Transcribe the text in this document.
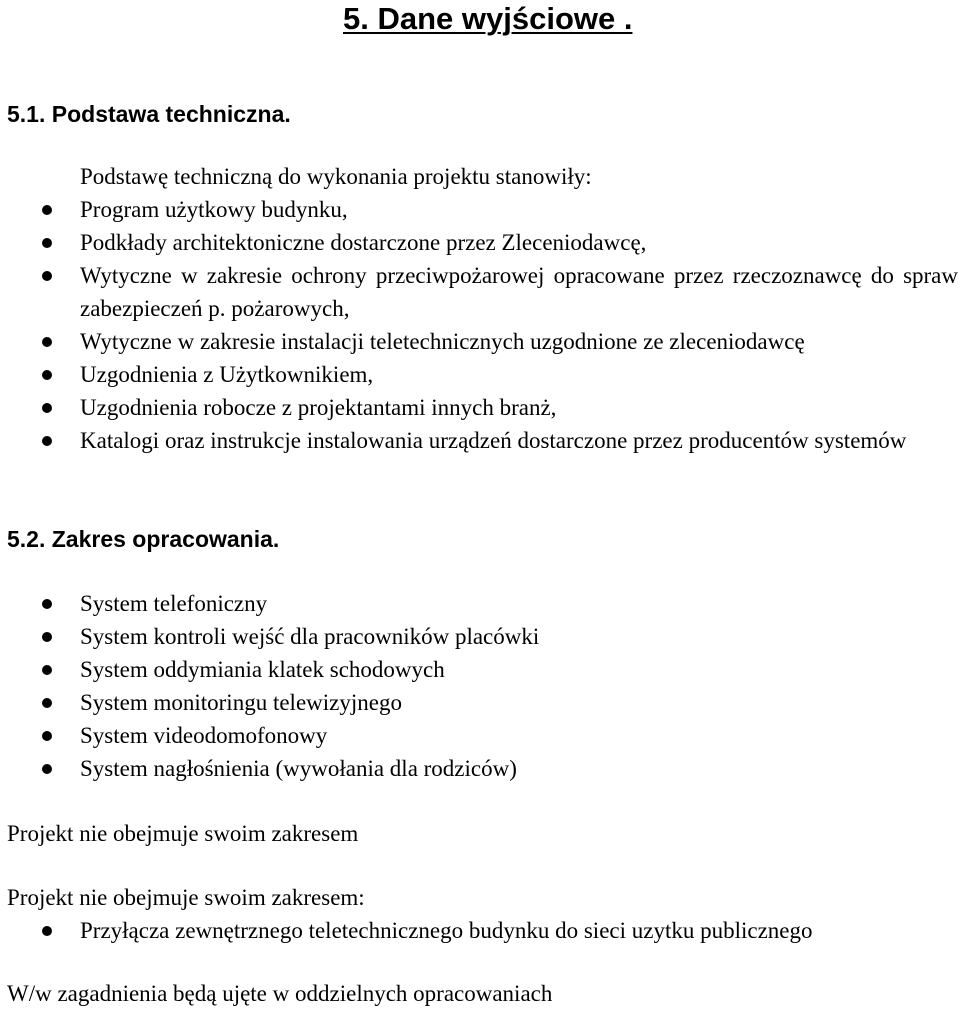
5. Dane wyjściowe .
5.1. Podstawa techniczna.

Podstawę techniczną do wykonania projektu stanowiły:

Program użytkowy budynku,
Podkłady architektoniczne dostarczone przez Zleceniodawcę,
Wytyczne w zakresie ochrony przeciwpożarowej opracowane przez rzeczoznawcę do spraw zabezpieczeń p. pożarowych,
Wytyczne w zakresie instalacji teletechnicznych uzgodnione ze zleceniodawcę
Uzgodnienia z Użytkownikiem,
Uzgodnienia robocze z projektantami innych branż,
Katalogi oraz instrukcje instalowania urządzeń dostarczone przez producentów systemów
5.2. Zakres opracowania.
System telefoniczny
System kontroli wejść dla pracowników placówki
System oddymiania klatek schodowych
System monitoringu telewizyjnego
System videodomofonowy
System nagłośnienia (wywołania dla rodziców)

Projekt nie obejmuje swoim zakresem

Projekt nie obejmuje swoim zakresem:

Przyłącza zewnętrznego teletechnicznego budynku do sieci uzytku publicznego

W/w zagadnienia będą ujęte w oddzielnych opracowaniach
